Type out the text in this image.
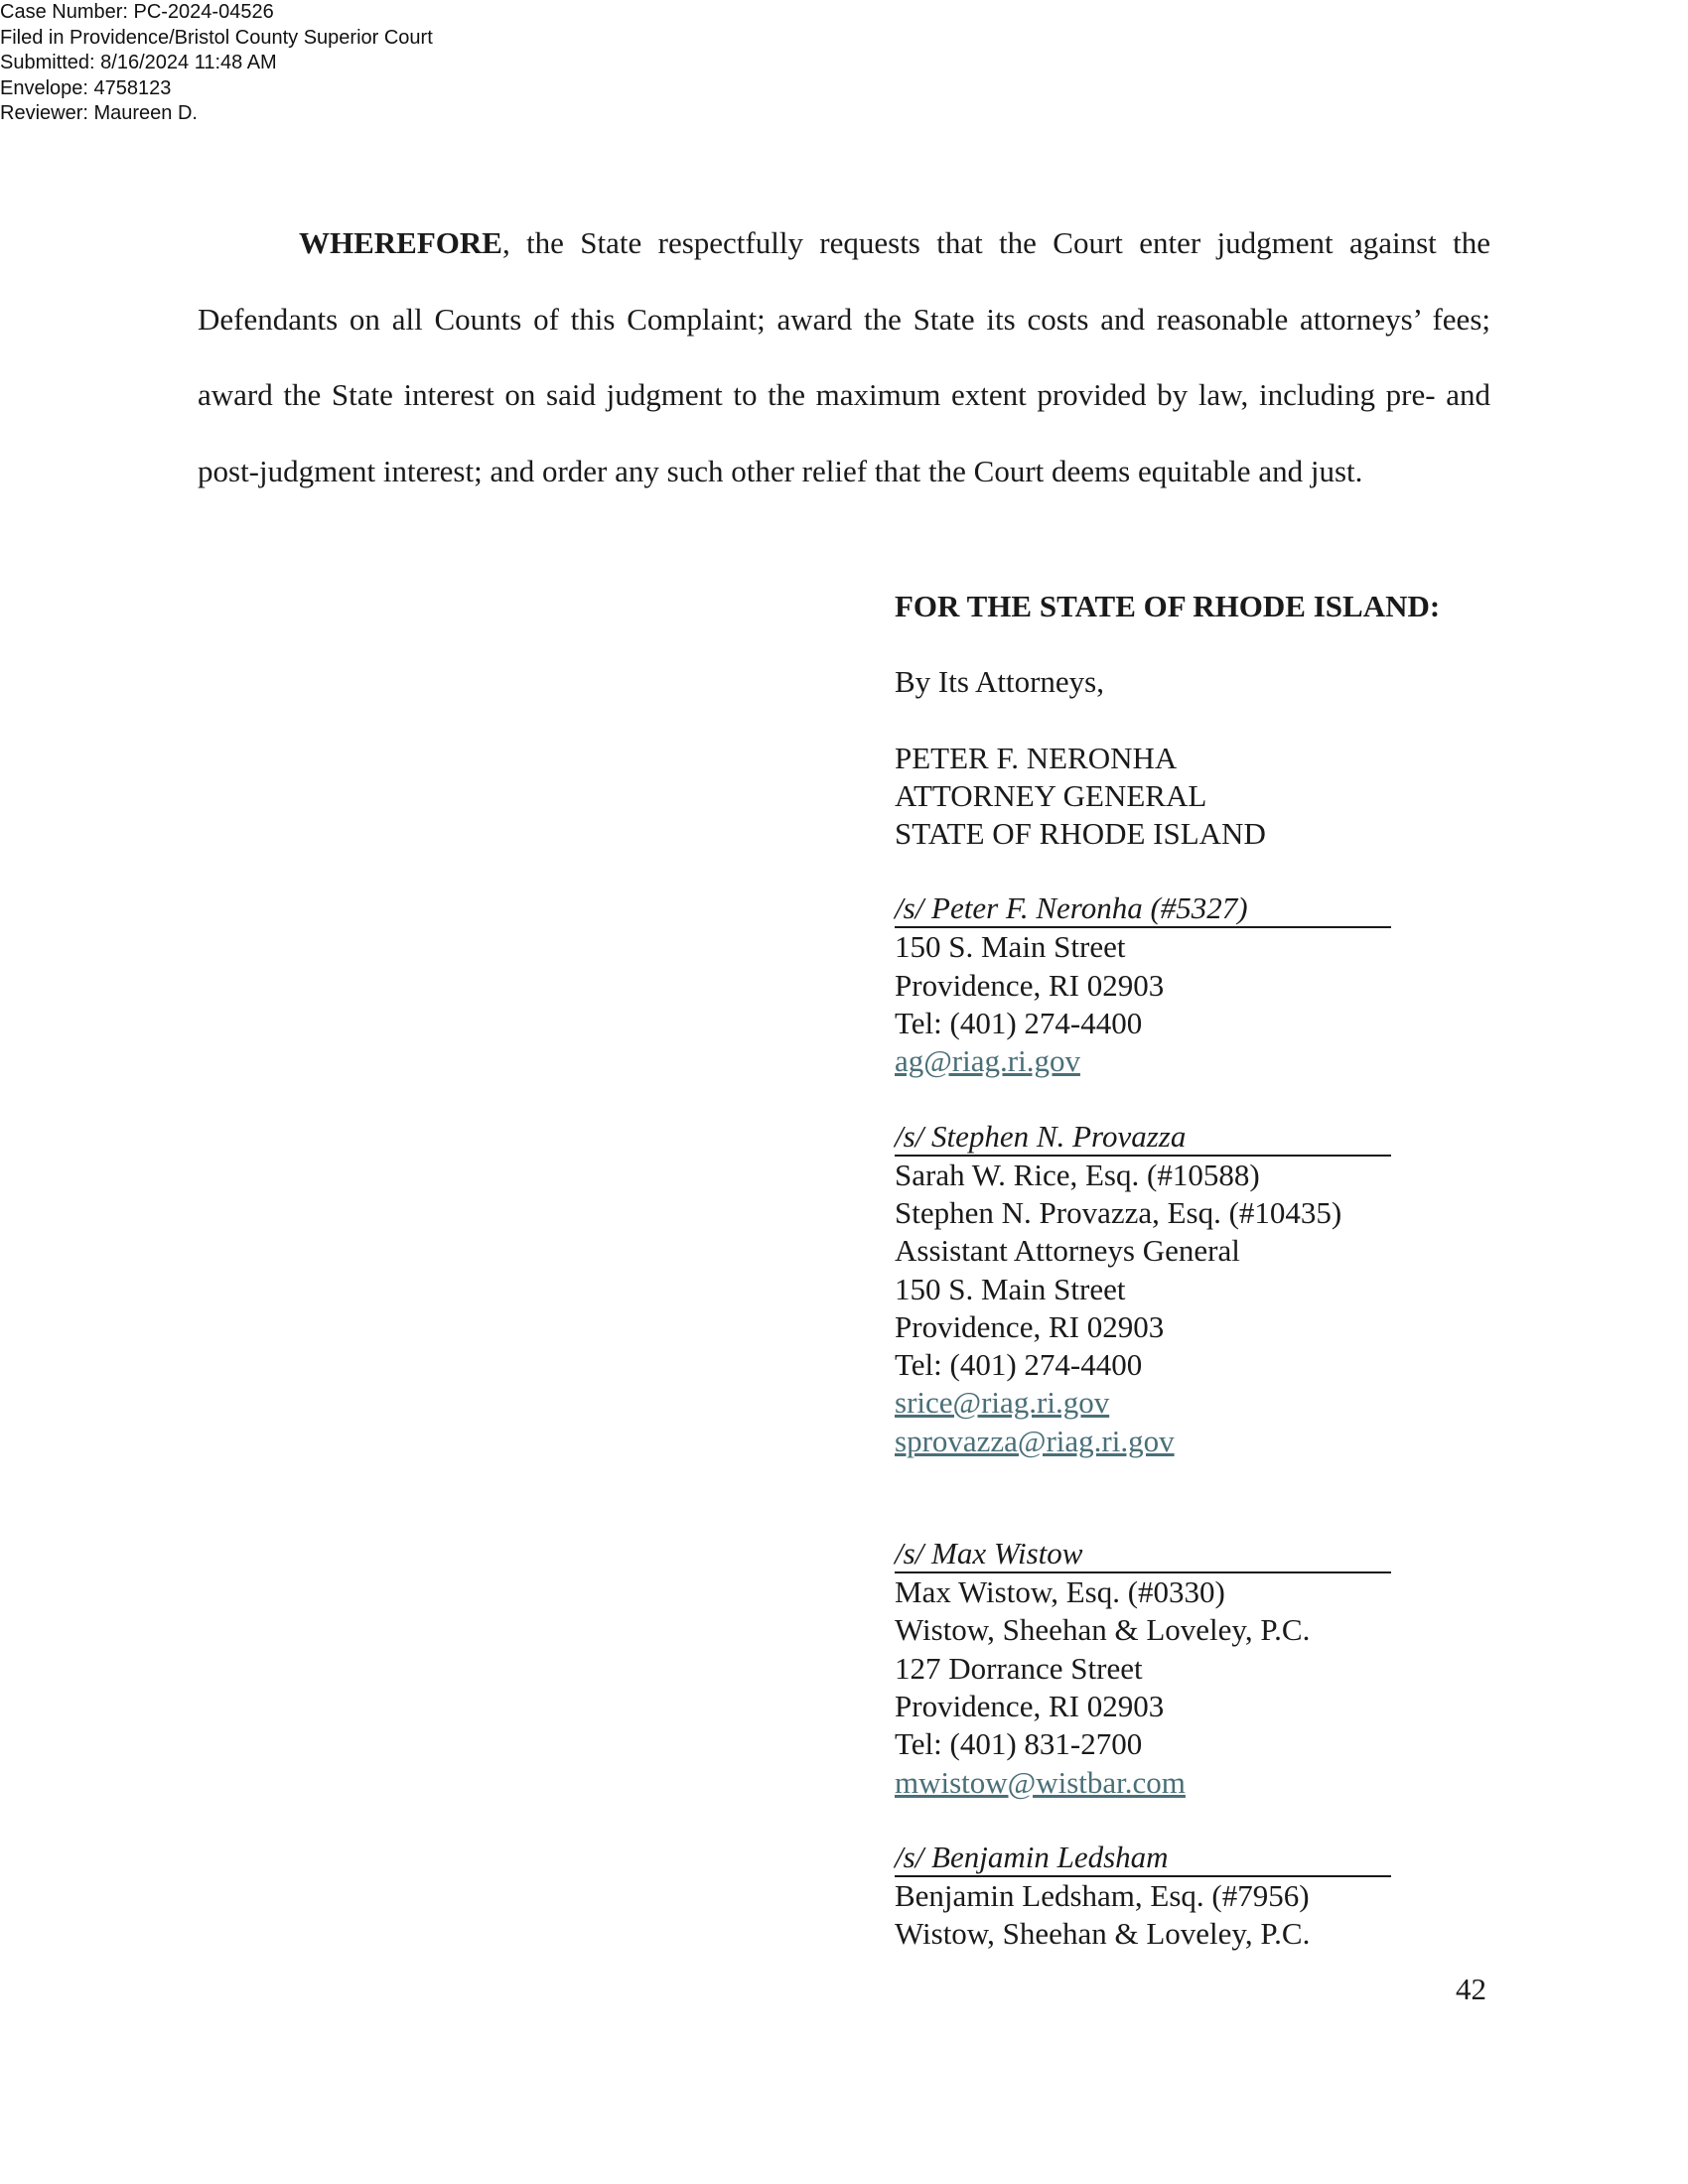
Case Number: PC-2024-04526
Filed in Providence/Bristol County Superior Court
Submitted: 8/16/2024 11:48 AM
Envelope: 4758123
Reviewer: Maureen D.

WHEREFORE, the State respectfully requests that the Court enter judgment against the Defendants on all Counts of this Complaint; award the State its costs and reasonable attorneys’ fees; award the State interest on said judgment to the maximum extent provided by law, including pre- and post-judgment interest; and order any such other relief that the Court deems equitable and just.

FOR THE STATE OF RHODE ISLAND:
By Its Attorneys,
PETER F. NERONHA
ATTORNEY GENERAL
STATE OF RHODE ISLAND
/s/ Peter F. Neronha (#5327)
150 S. Main Street
Providence, RI 02903
Tel: (401) 274-4400
ag@riag.ri.gov
/s/ Stephen N. Provazza
Sarah W. Rice, Esq. (#10588)
Stephen N. Provazza, Esq. (#10435)
Assistant Attorneys General
150 S. Main Street
Providence, RI 02903
Tel: (401) 274-4400
srice@riag.ri.gov
sprovazza@riag.ri.gov
/s/ Max Wistow
Max Wistow, Esq. (#0330)
Wistow, Sheehan & Loveley, P.C.
127 Dorrance Street
Providence, RI 02903
Tel: (401) 831-2700
mwistow@wistbar.com
/s/ Benjamin Ledsham
Benjamin Ledsham, Esq. (#7956)
Wistow, Sheehan & Loveley, P.C.
42
